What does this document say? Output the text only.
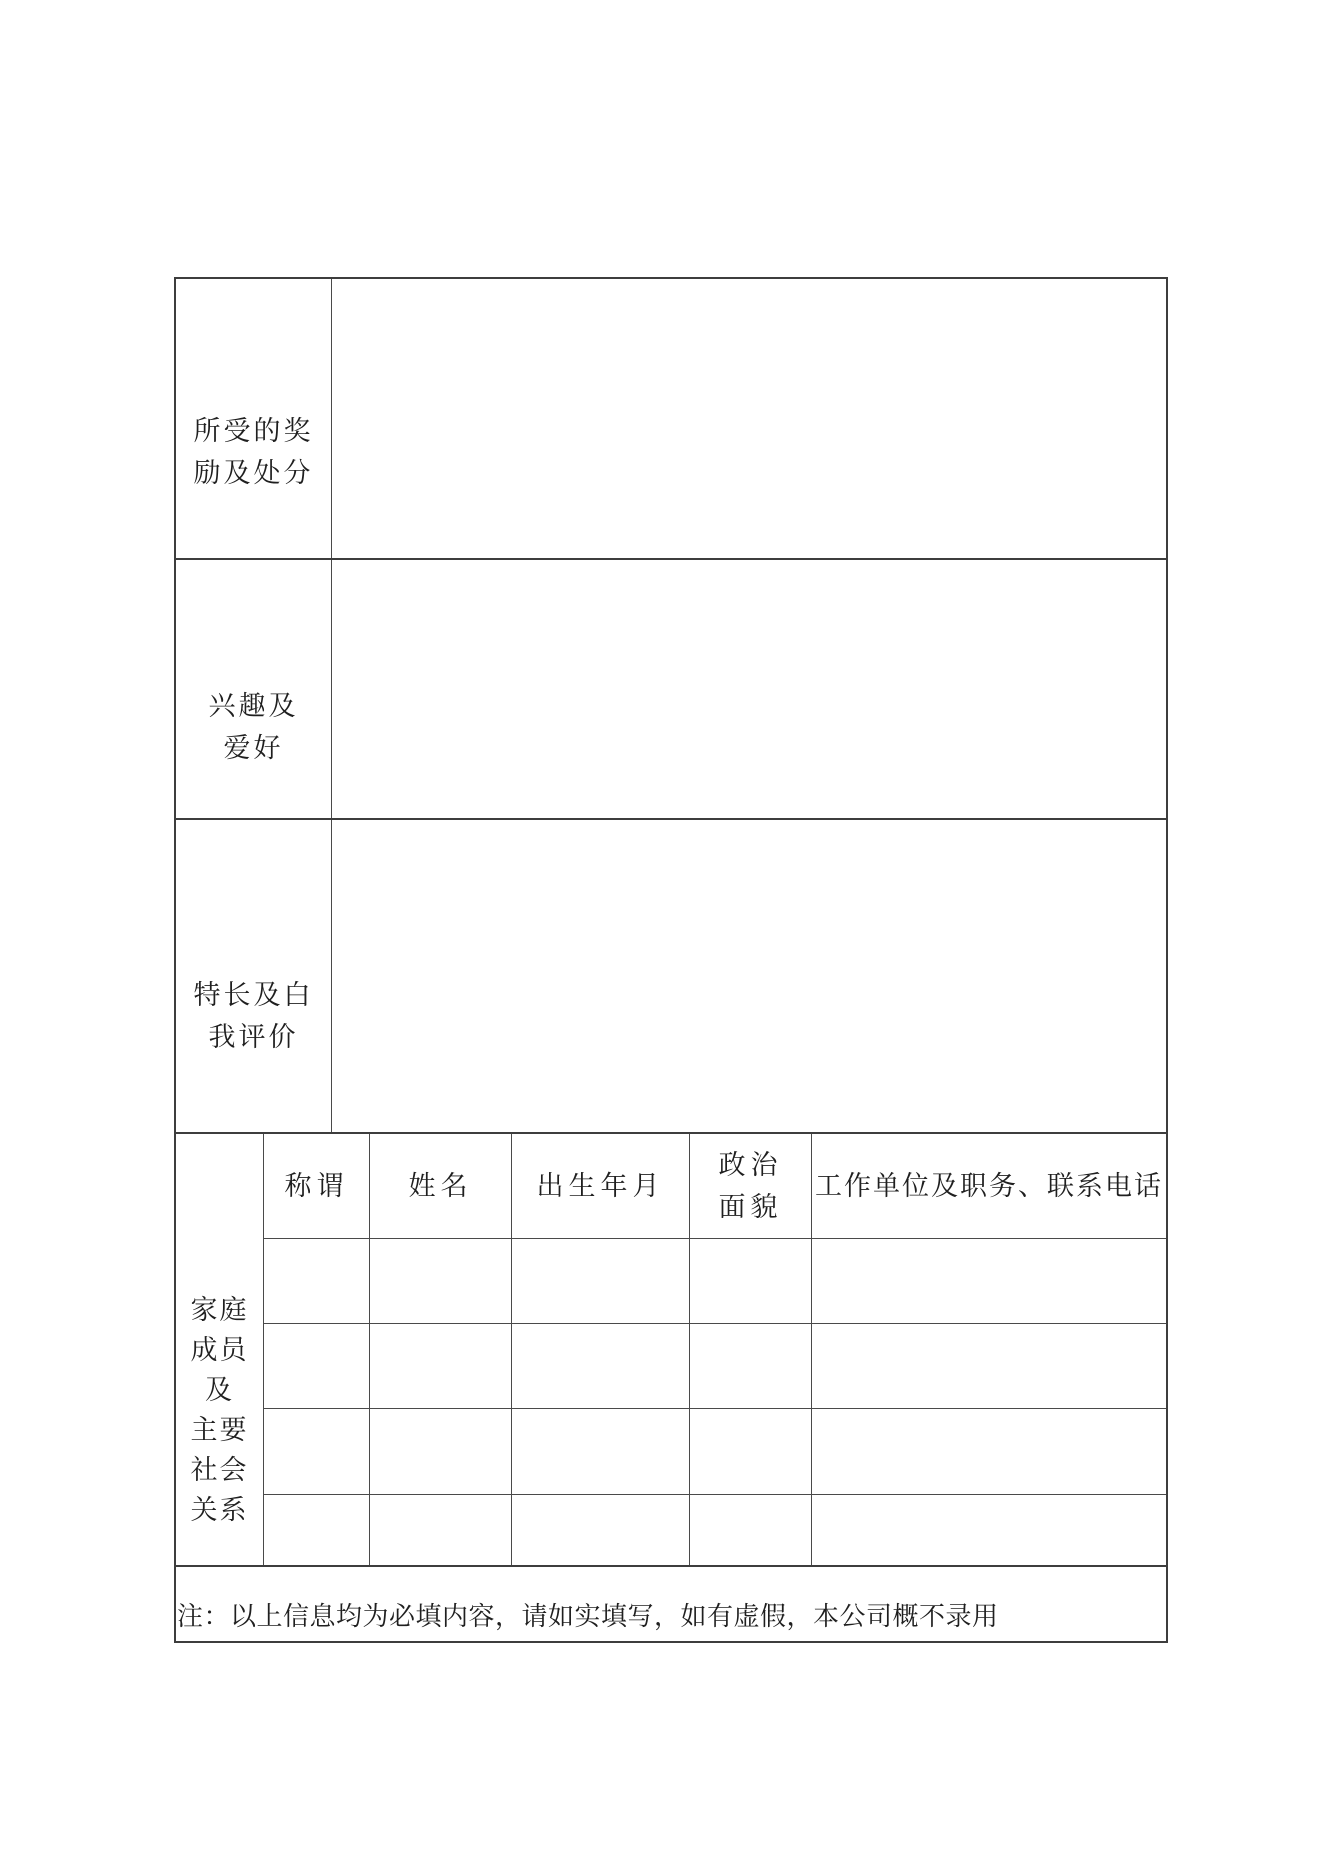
所受的奖
励及处分
兴趣及
爱好
特长及白
我评价
家庭
成员
及
主要
社会
关系
称谓 姓名 出生年月
政治
面貌
工作单位及职务、联系电话
注：以上信息均为必填内容，请如实填写，如有虚假，本公司概不录用
